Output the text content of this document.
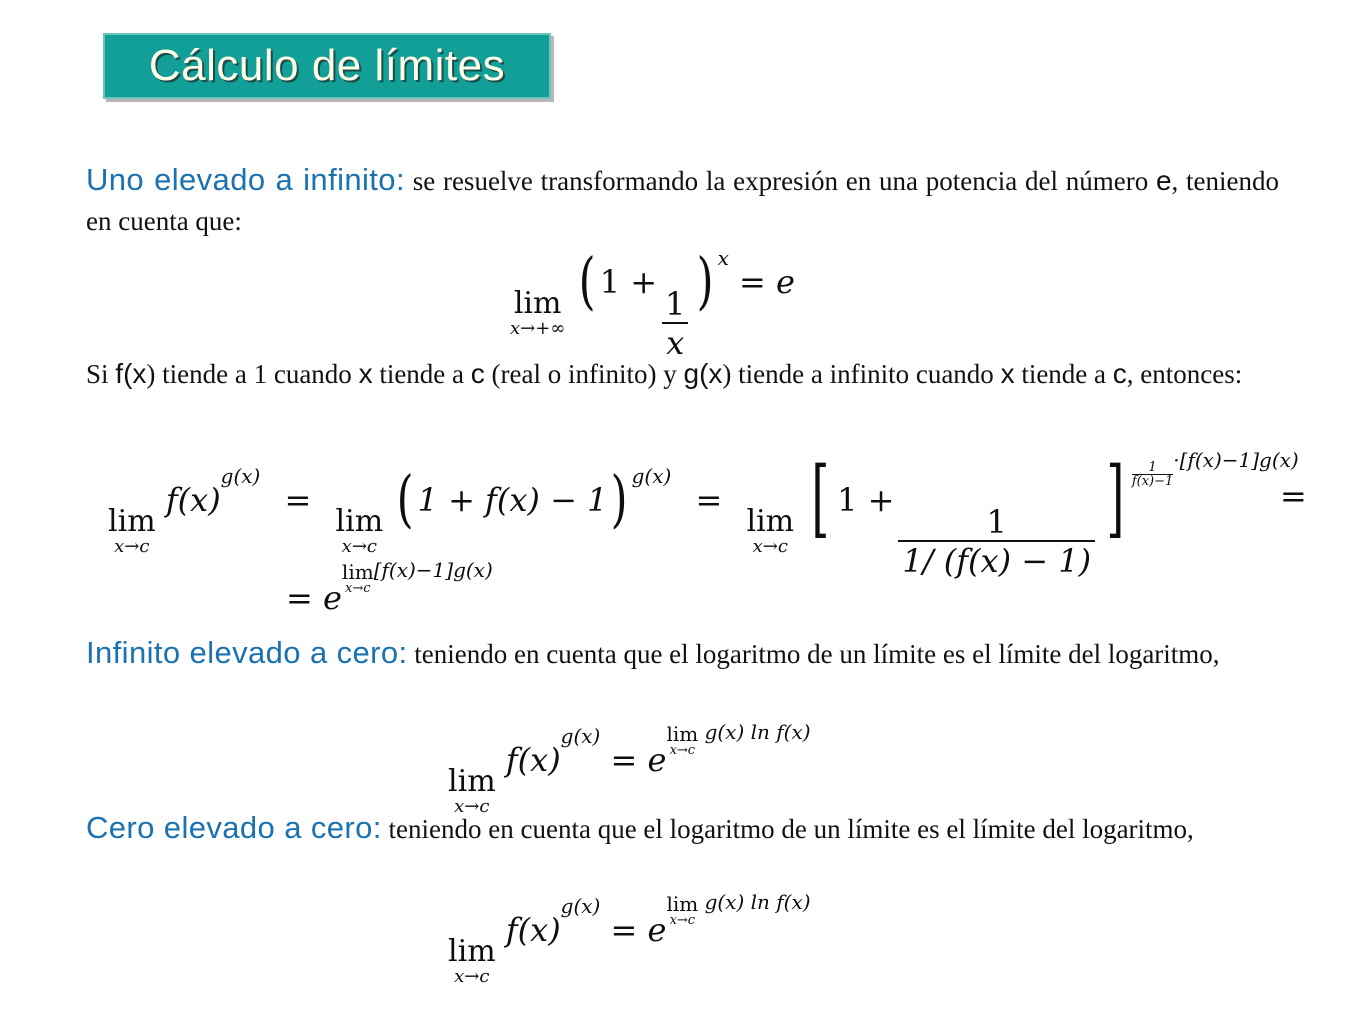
Cálculo de límites

Uno elevado a infinito: se resuelve transformando la expresión en una potencia del número e, teniendo en cuenta que:

lim
x→+∞
( 1 +
$\frac{1}{x}$
) $^x$ = e

Si f(x) tiende a 1 cuando x tiende a c (real o infinito) y g(x) tiende a infinito cuando x tiende a c, entonces:

lim
x→c
$f(x)^{g(x)}$ =
lim
x→c
( 1 + f(x) − 1) $^{g(x)}$ =
lim
x→c [ 1 +
$\frac{1}{1/ (f(x) - 1)}$ ] $\frac{1}{f(x)-1}$
$^{\cdot[f(x)-1]g(x)}$
=
= e
lim
x→c
$^{[f(x)-1]g(x)}$

Infinito elevado a cero: teniendo en cuenta que el logaritmo de un límite es el límite del logaritmo,

lim
x→c
$f(x)^{g(x)} = e$
lim
x→c
$^{g(x) ln f(x)}$

Cero elevado a cero: teniendo en cuenta que el logaritmo de un límite es el límite del logaritmo,

lim
x→c
$f(x)^{g(x)} = e$
lim
x→c
$^{g(x) ln f(x)}$
